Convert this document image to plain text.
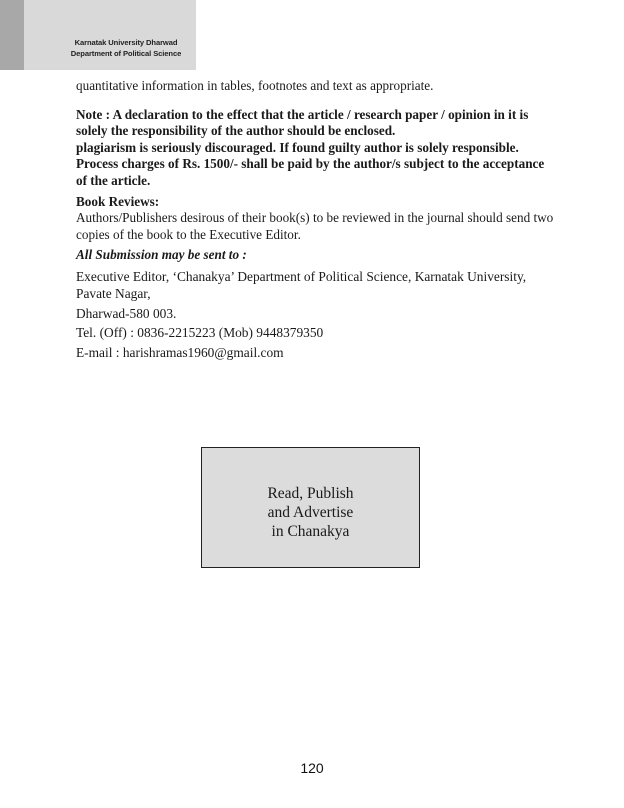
Karnatak University Dharwad
Department of Political Science

quantitative information in tables, footnotes and text as appropriate.

Note : A declaration to the effect that the article / research paper / opinion in it is solely the responsibility of the author should be enclosed.

plagiarism is seriously discouraged. If found guilty author is solely responsible.

Process charges of Rs. 1500/- shall be paid by the author/s subject to the acceptance of the article.

Book Reviews:

Authors/Publishers desirous of their book(s) to be reviewed in the journal should send two copies of the book to the Executive Editor.

All Submission may be sent to :

Executive Editor, ‘Chanakya’ Department of Political Science, Karnatak University, Pavate Nagar,

Dharwad-580 003.

Tel. (Off) : 0836-2215223 (Mob) 9448379350

E-mail : harishramas1960@gmail.com

Read, Publish
and Advertise
in Chanakya
120
